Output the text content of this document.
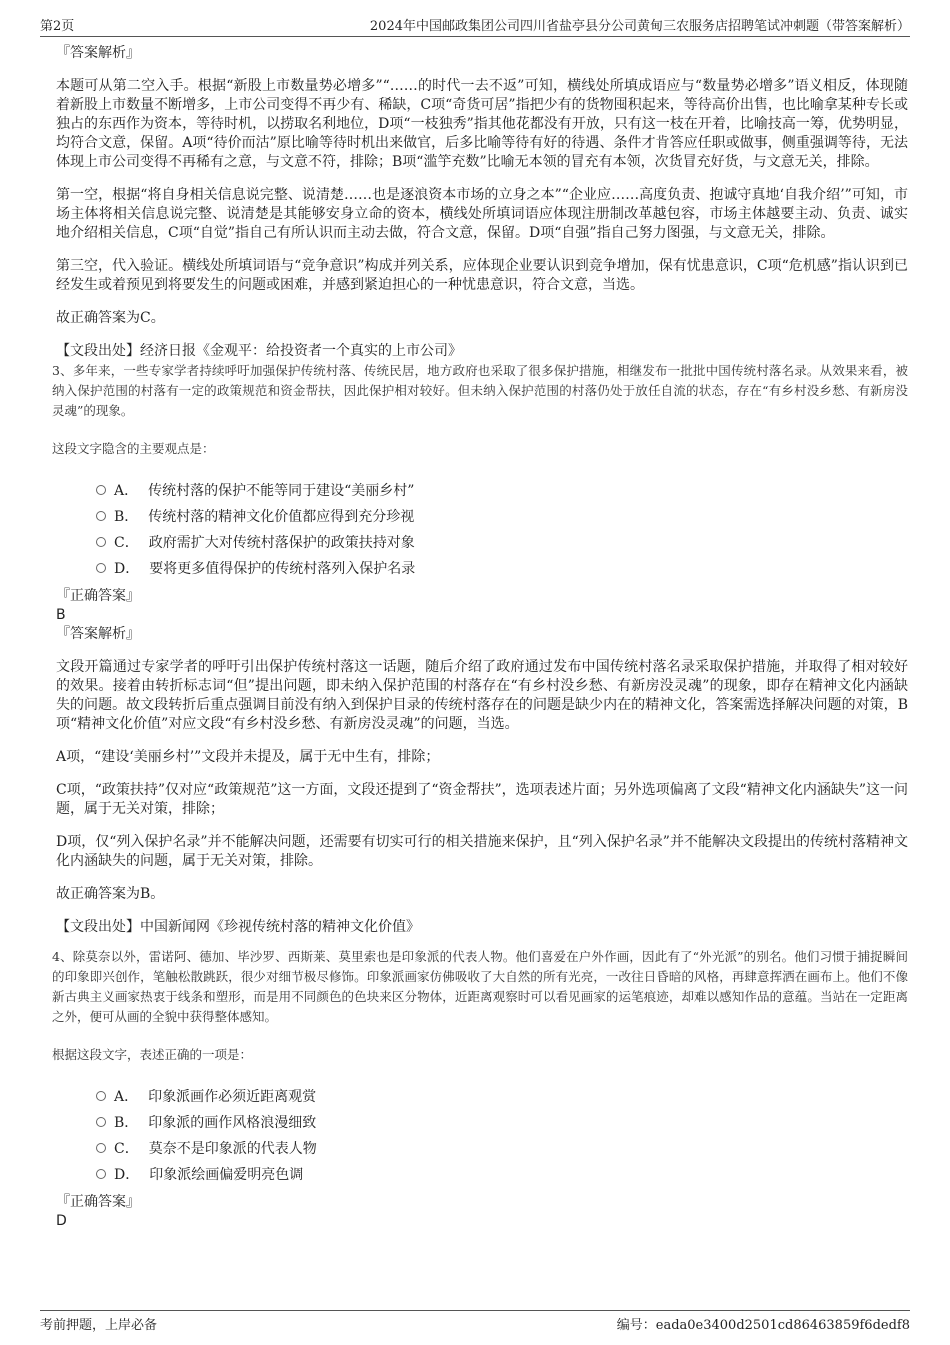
第2页	2024年中国邮政集团公司四川省盐亭县分公司黄甸三农服务店招聘笔试冲刺题（带答案解析）

『答案解析』

本题可从第二空入手。根据“新股上市数量势必增多”“……的时代一去不返”可知，横线处所填成语应与“数量势必增多”语义相反，体现随着新股上市数量不断增多，上市公司变得不再少有、稀缺，C项“奇货可居”指把少有的货物囤积起来，等待高价出售，也比喻拿某种专长或独占的东西作为资本，等待时机，以捞取名利地位，D项“一枝独秀”指其他花都没有开放，只有这一枝在开着，比喻技高一筹，优势明显，均符合文意，保留。A项“待价而沽”原比喻等待时机出来做官，后多比喻等待有好的待遇、条件才肯答应任职或做事，侧重强调等待，无法体现上市公司变得不再稀有之意，与文意不符，排除；B项“滥竽充数”比喻无本领的冒充有本领，次货冒充好货，与文意无关，排除。

第一空，根据“将自身相关信息说完整、说清楚……也是逐浪资本市场的立身之本”“企业应……高度负责、抱诚守真地‘自我介绍’”可知，市场主体将相关信息说完整、说清楚是其能够安身立命的资本，横线处所填词语应体现注册制改革越包容，市场主体越要主动、负责、诚实地介绍相关信息，C项“自觉”指自己有所认识而主动去做，符合文意，保留。D项“自强”指自己努力图强，与文意无关，排除。

第三空，代入验证。横线处所填词语与“竞争意识”构成并列关系，应体现企业要认识到竞争增加，保有忧患意识，C项“危机感”指认识到已经发生或着预见到将要发生的问题或困难，并感到紧迫担心的一种忧患意识，符合文意，当选。

故正确答案为C。

【文段出处】经济日报《金观平：给投资者一个真实的上市公司》

3、多年来，一些专家学者持续呼吁加强保护传统村落、传统民居，地方政府也采取了很多保护措施，相继发布一批批中国传统村落名录。从效果来看，被纳入保护范围的村落有一定的政策规范和资金帮扶，因此保护相对较好。但未纳入保护范围的村落仍处于放任自流的状态，存在“有乡村没乡愁、有新房没灵魂”的现象。

这段文字隐含的主要观点是：

A． 传统村落的保护不能等同于建设“美丽乡村”
B． 传统村落的精神文化价值都应得到充分珍视
C． 政府需扩大对传统村落保护的政策扶持对象
D． 要将更多值得保护的传统村落列入保护名录

『正确答案』

B

『答案解析』

文段开篇通过专家学者的呼吁引出保护传统村落这一话题，随后介绍了政府通过发布中国传统村落名录采取保护措施，并取得了相对较好的效果。接着由转折标志词“但”提出问题，即未纳入保护范围的村落存在“有乡村没乡愁、有新房没灵魂”的现象，即存在精神文化内涵缺失的问题。故文段转折后重点强调目前没有纳入到保护目录的传统村落存在的问题是缺少内在的精神文化，答案需选择解决问题的对策，B项“精神文化价值”对应文段“有乡村没乡愁、有新房没灵魂”的问题，当选。

A项，“建设‘美丽乡村’”文段并未提及，属于无中生有，排除；

C项，“政策扶持”仅对应“政策规范”这一方面，文段还提到了“资金帮扶”，选项表述片面；另外选项偏离了文段“精神文化内涵缺失”这一问题，属于无关对策，排除；

D项，仅“列入保护名录”并不能解决问题，还需要有切实可行的相关措施来保护，且“列入保护名录”并不能解决文段提出的传统村落精神文化内涵缺失的问题，属于无关对策，排除。

故正确答案为B。

【文段出处】中国新闻网《珍视传统村落的精神文化价值》

4、除莫奈以外，雷诺阿、德加、毕沙罗、西斯莱、莫里索也是印象派的代表人物。他们喜爱在户外作画，因此有了“外光派”的别名。他们习惯于捕捉瞬间的印象即兴创作，笔触松散跳跃，很少对细节极尽修饰。印象派画家仿佛吸收了大自然的所有光亮，一改往日昏暗的风格，再肆意挥洒在画布上。他们不像新古典主义画家热衷于线条和塑形，而是用不同颜色的色块来区分物体，近距离观察时可以看见画家的运笔痕迹，却难以感知作品的意蕴。当站在一定距离之外，便可从画的全貌中获得整体感知。

根据这段文字，表述正确的一项是：

A． 印象派画作必须近距离观赏
B． 印象派的画作风格浪漫细致
C． 莫奈不是印象派的代表人物
D． 印象派绘画偏爱明亮色调

『正确答案』

D

考前押题，上岸必备	编号：eada0e3400d2501cd86463859f6dedf8
